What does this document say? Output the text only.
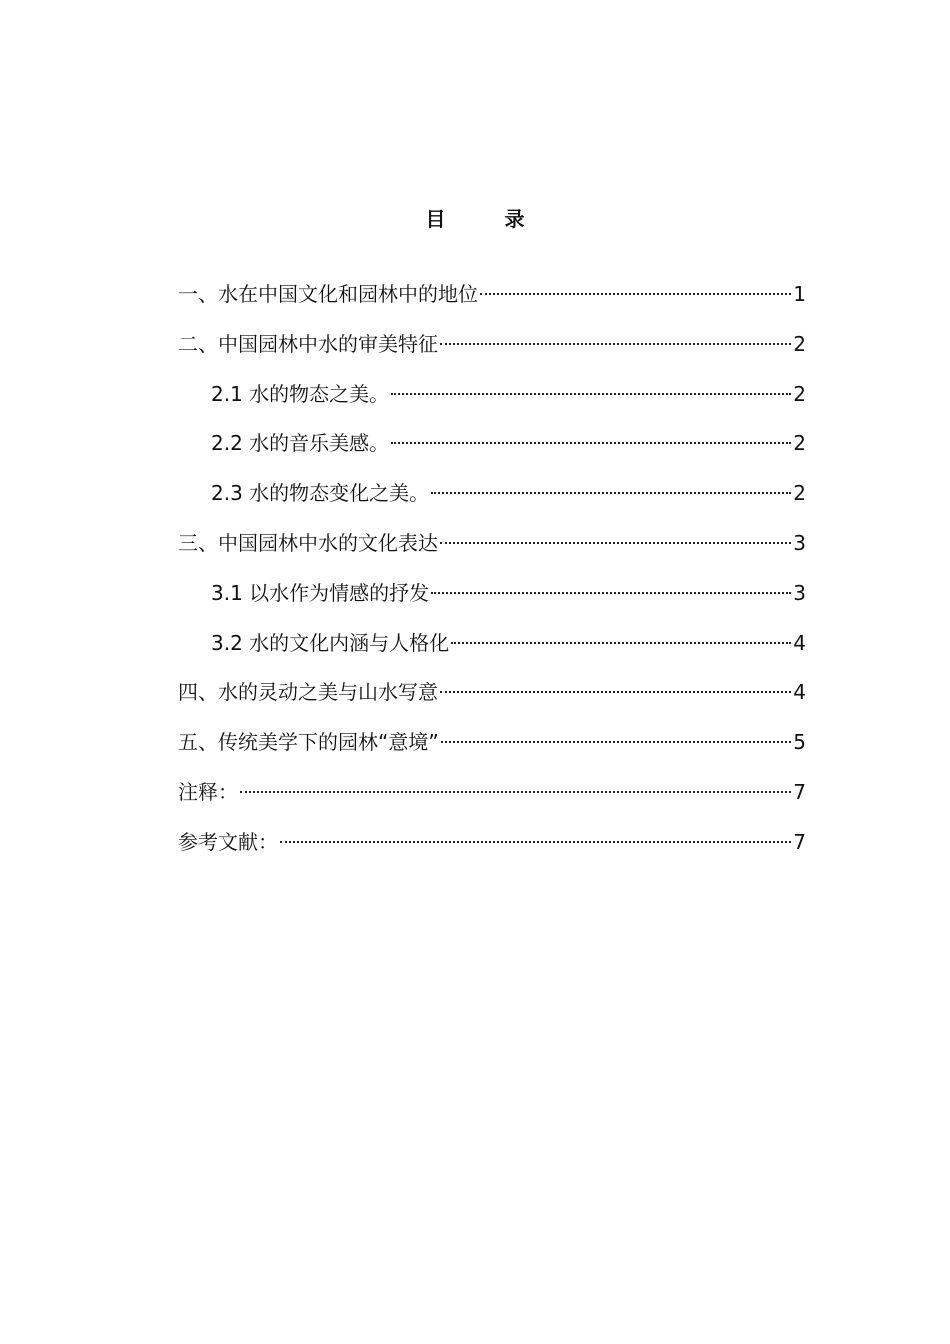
目 录
一、水在中国文化和园林中的地位	1
二、中国园林中水的审美特征	2
2.1 水的物态之美。	2
2.2 水的音乐美感。	2
2.3 水的物态变化之美。	2
三、中国园林中水的文化表达	3
3.1 以水作为情感的抒发	3
3.2 水的文化内涵与人格化	4
四、水的灵动之美与山水写意	4
五、传统美学下的园林“意境”	5
注释：	7
参考文献：	7
